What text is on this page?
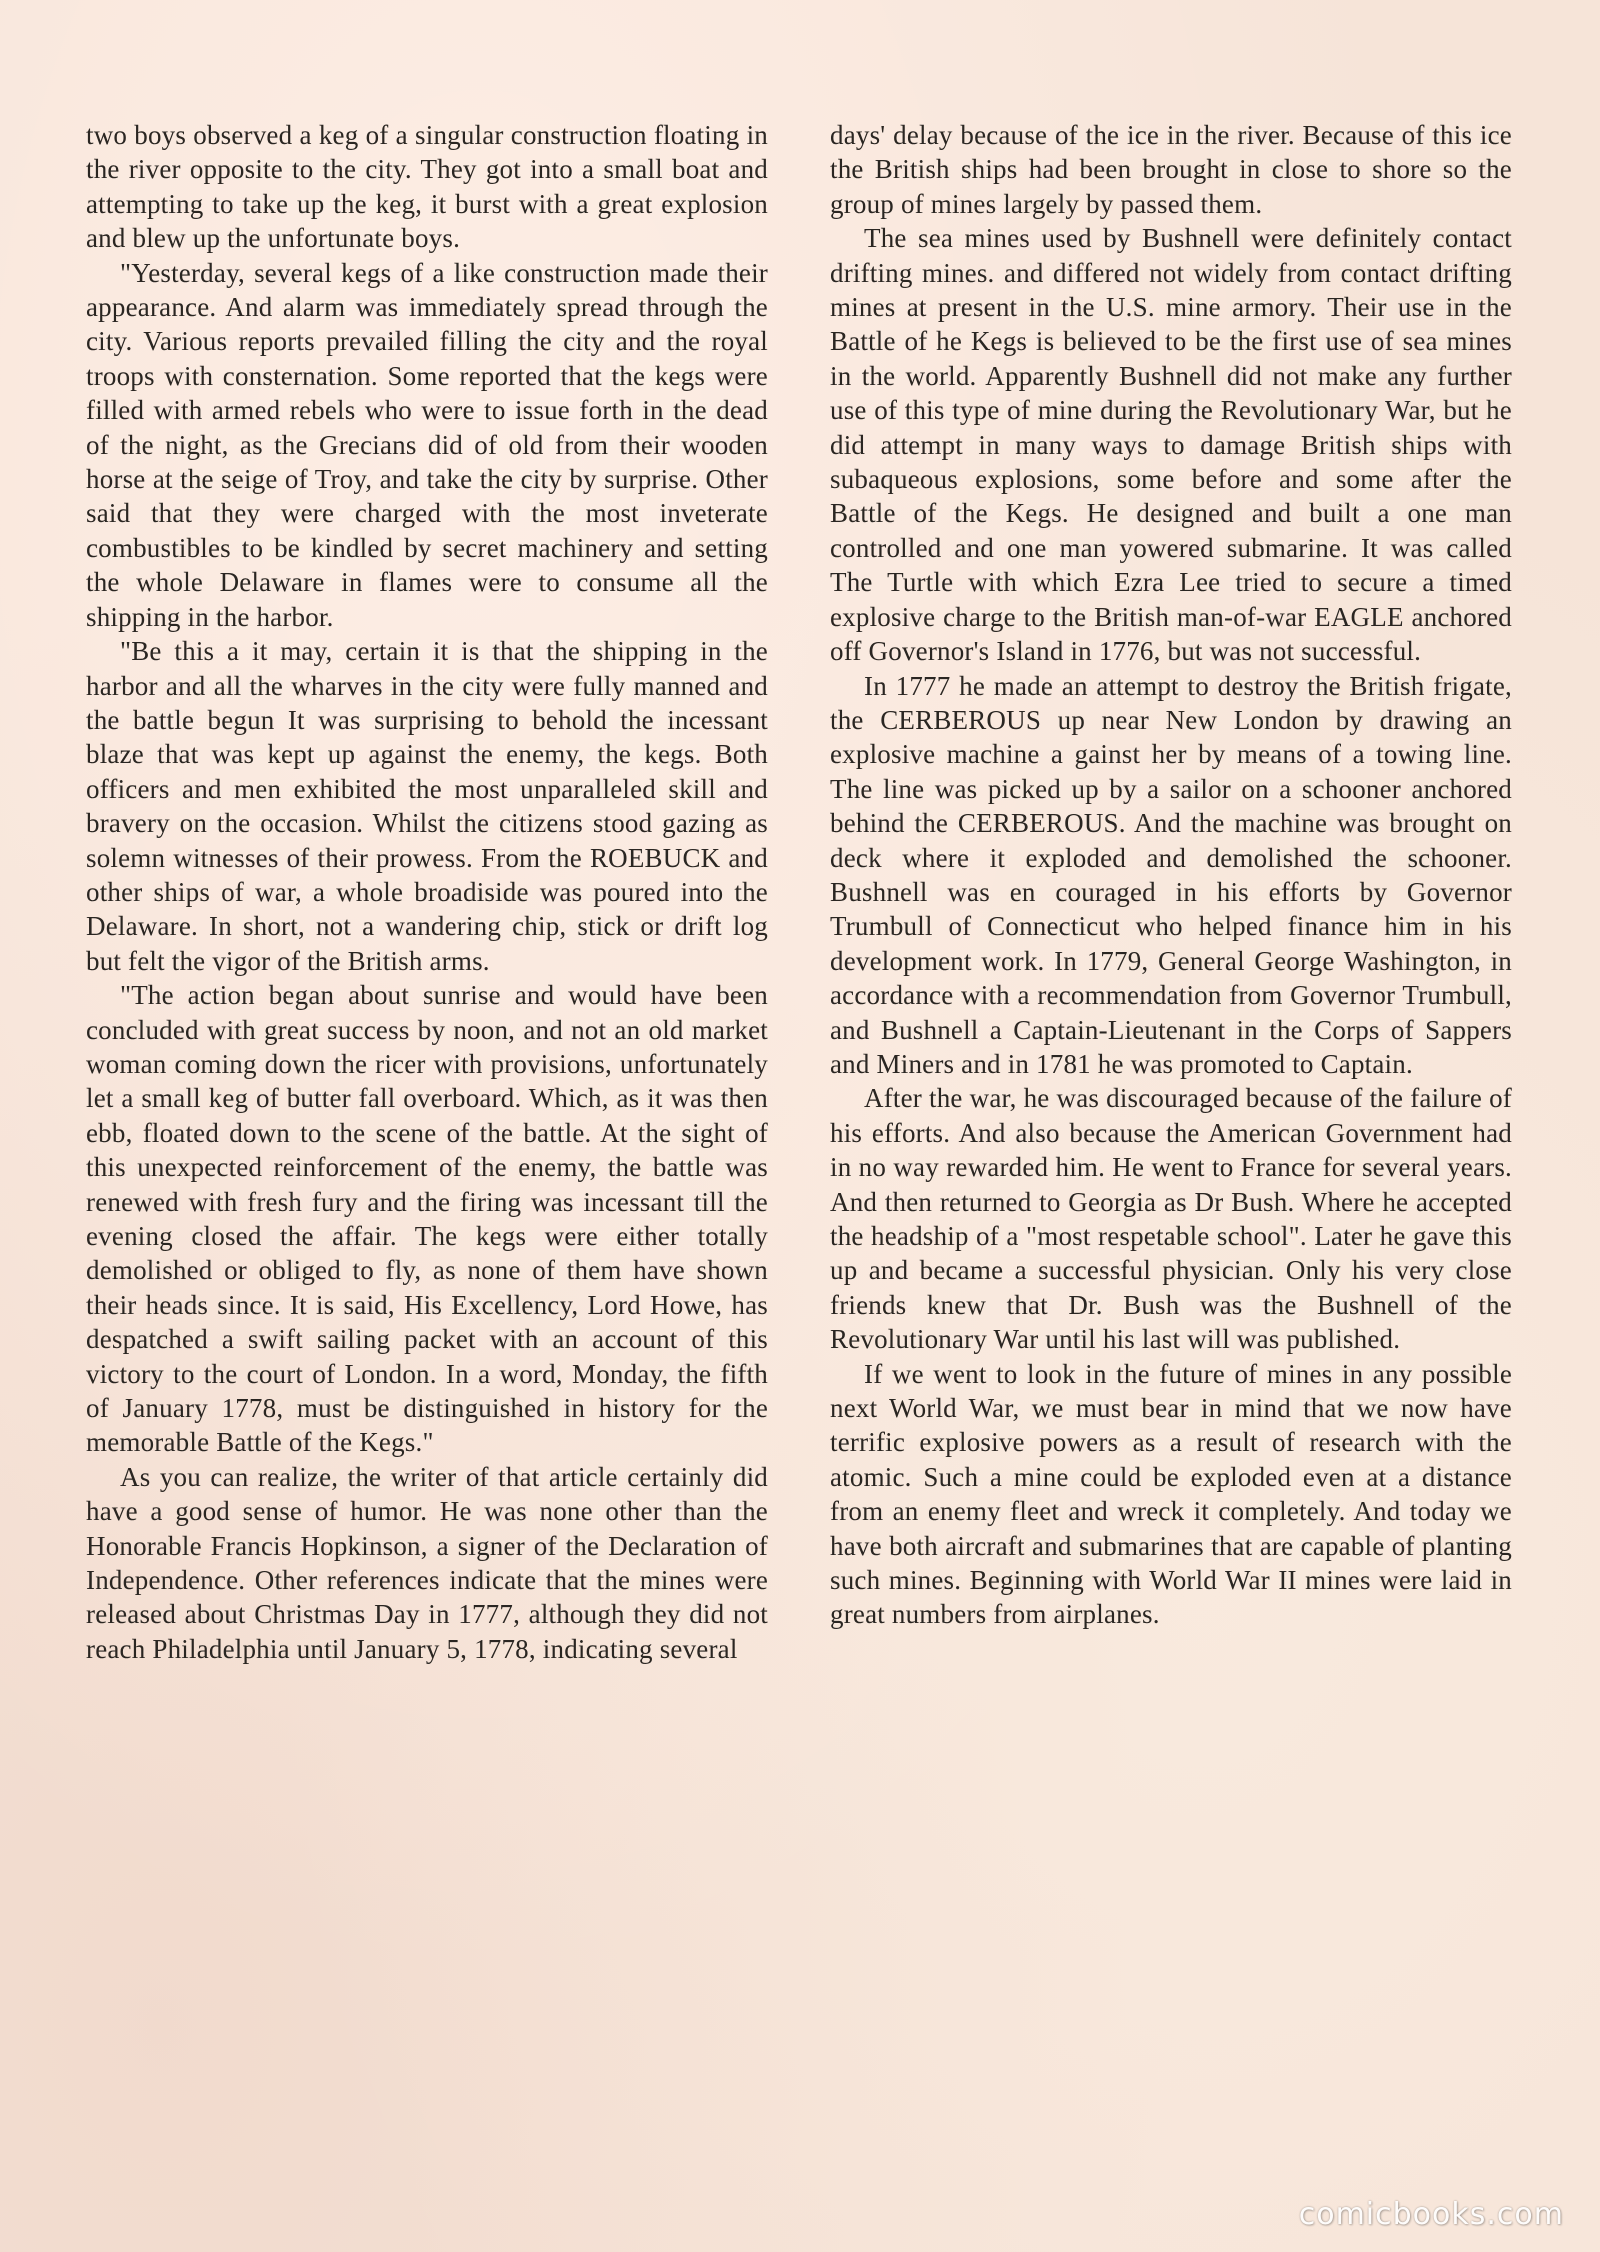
two boys observed a keg of a singular construction floating in the river opposite to the city. They got into a small boat and attempting to take up the keg, it burst with a great explosion and blew up the unfortunate boys.

"Yesterday, several kegs of a like construction made their appearance. And alarm was immediately spread through the city. Various reports prevailed filling the city and the royal troops with consternation. Some reported that the kegs were filled with armed rebels who were to issue forth in the dead of the night, as the Grecians did of old from their wooden horse at the seige of Troy, and take the city by surprise. Other said that they were charged with the most inveterate combustibles to be kindled by secret machinery and setting the whole Delaware in flames were to consume all the shipping in the harbor.

"Be this a it may, certain it is that the shipping in the harbor and all the wharves in the city were fully manned and the battle begun It was surprising to behold the incessant blaze that was kept up against the enemy, the kegs. Both officers and men exhibited the most unparalleled skill and bravery on the occasion. Whilst the citizens stood gazing as solemn witnesses of their prowess. From the ROEBUCK and other ships of war, a whole broadiside was poured into the Delaware. In short, not a wandering chip, stick or drift log but felt the vigor of the British arms.

"The action began about sunrise and would have been concluded with great success by noon, and not an old market woman coming down the ricer with provisions, unfortunately let a small keg of butter fall overboard. Which, as it was then ebb, floated down to the scene of the battle. At the sight of this unexpected reinforcement of the enemy, the battle was renewed with fresh fury and the firing was incessant till the evening closed the affair. The kegs were either totally demolished or obliged to fly, as none of them have shown their heads since. It is said, His Excellency, Lord Howe, has despatched a swift sailing packet with an account of this victory to the court of London. In a word, Monday, the fifth of January 1778, must be distinguished in history for the memorable Battle of the Kegs."

As you can realize, the writer of that article certainly did have a good sense of humor. He was none other than the Honorable Francis Hopkinson, a signer of the Declaration of Independence. Other references indicate that the mines were released about Christmas Day in 1777, although they did not reach Philadelphia until January 5, 1778, indicating several

days' delay because of the ice in the river. Because of this ice the British ships had been brought in close to shore so the group of mines largely by passed them.

The sea mines used by Bushnell were definitely contact drifting mines. and differed not widely from contact drifting mines at present in the U.S. mine armory. Their use in the Battle of he Kegs is believed to be the first use of sea mines in the world. Apparently Bushnell did not make any further use of this type of mine during the Revolutionary War, but he did attempt in many ways to damage British ships with subaqueous explosions, some before and some after the Battle of the Kegs. He designed and built a one man controlled and one man yowered submarine. It was called The Turtle with which Ezra Lee tried to secure a timed explosive charge to the British man-of-war EAGLE anchored off Governor's Island in 1776, but was not successful.

In 1777 he made an attempt to destroy the British frigate, the CERBEROUS up near New London by drawing an explosive machine a gainst her by means of a towing line. The line was picked up by a sailor on a schooner anchored behind the CERBEROUS. And the machine was brought on deck where it exploded and demolished the schooner. Bushnell was en couraged in his efforts by Governor Trumbull of Connecticut who helped finance him in his development work. In 1779, General George Washington, in accordance with a recommendation from Governor Trumbull, and Bushnell a Captain-Lieutenant in the Corps of Sappers and Miners and in 1781 he was promoted to Captain.

After the war, he was discouraged because of the failure of his efforts. And also because the American Government had in no way rewarded him. He went to France for several years. And then returned to Georgia as Dr Bush. Where he accepted the headship of a "most respetable school". Later he gave this up and became a successful physician. Only his very close friends knew that Dr. Bush was the Bushnell of the Revolutionary War until his last will was published.

If we went to look in the future of mines in any possible next World War, we must bear in mind that we now have terrific explosive powers as a result of research with the atomic. Such a mine could be exploded even at a distance from an enemy fleet and wreck it completely. And today we have both aircraft and submarines that are capable of planting such mines. Beginning with World War II mines were laid in great numbers from airplanes.

comicbooks.com
